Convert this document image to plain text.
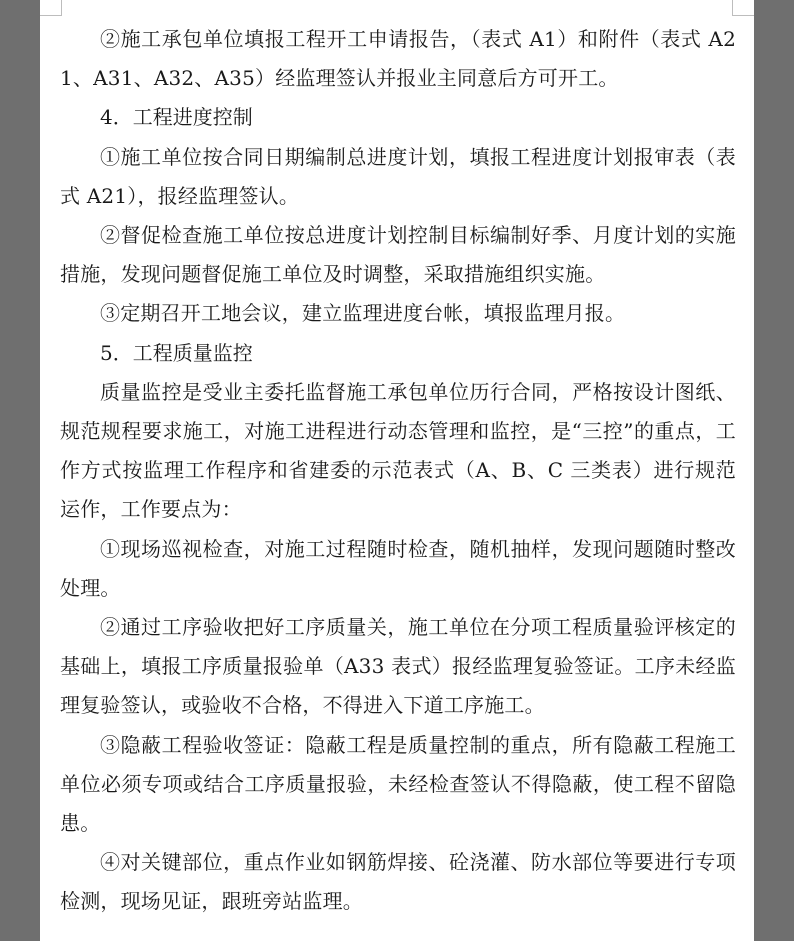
②施工承包单位填报工程开工申请报告，（表式 A1）和附件（表式 A21、A31、A32、A35）经监理签认并报业主同意后方可开工。

4．工程进度控制

①施工单位按合同日期编制总进度计划，填报工程进度计划报审表（表式 A21），报经监理签认。

②督促检查施工单位按总进度计划控制目标编制好季、月度计划的实施措施，发现问题督促施工单位及时调整，采取措施组织实施。

③定期召开工地会议，建立监理进度台帐，填报监理月报。

5．工程质量监控

质量监控是受业主委托监督施工承包单位历行合同，严格按设计图纸、规范规程要求施工，对施工进程进行动态管理和监控，是“三控”的重点，工作方式按监理工作程序和省建委的示范表式（A、B、C 三类表）进行规范运作，工作要点为：

①现场巡视检查，对施工过程随时检查，随机抽样，发现问题随时整改处理。

②通过工序验收把好工序质量关，施工单位在分项工程质量验评核定的基础上，填报工序质量报验单（A33 表式）报经监理复验签证。工序未经监理复验签认，或验收不合格，不得进入下道工序施工。

③隐蔽工程验收签证：隐蔽工程是质量控制的重点，所有隐蔽工程施工单位必须专项或结合工序质量报验，未经检查签认不得隐蔽，使工程不留隐患。

④对关键部位，重点作业如钢筋焊接、砼浇灌、防水部位等要进行专项检测，现场见证，跟班旁站监理。
